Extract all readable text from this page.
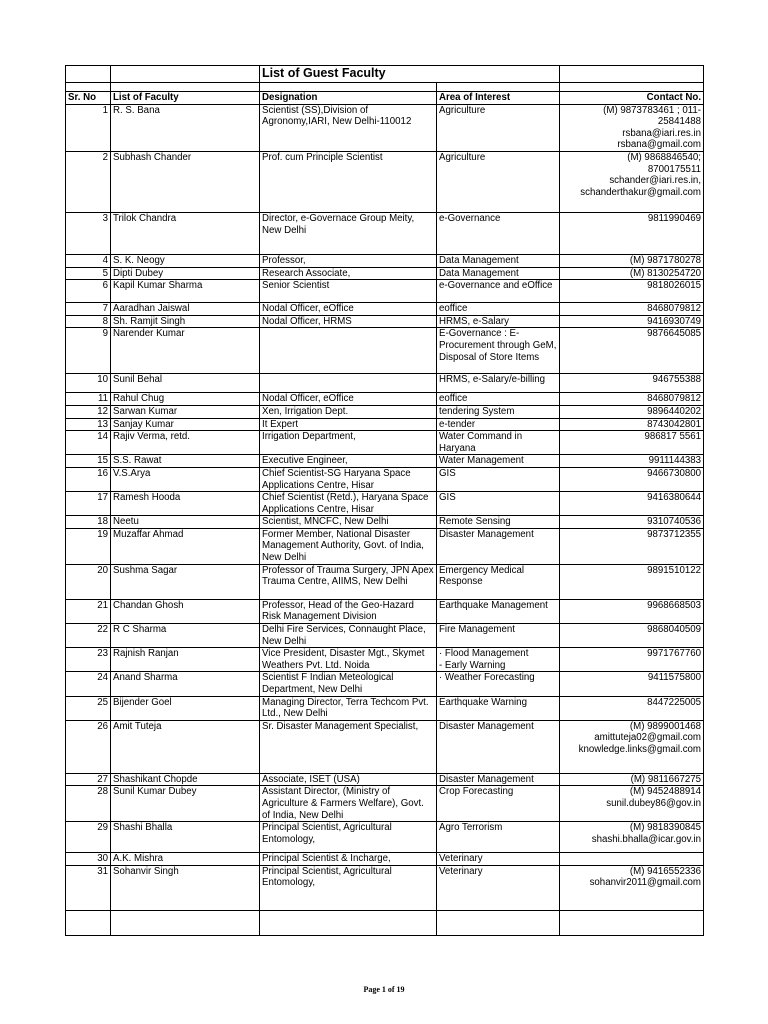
		List of Guest Faculty		

Sr. No	List of Faculty	Designation	Area of Interest	Contact No.
1	R. S. Bana	Scientist (SS),Division of Agronomy,IARI, New Delhi-110012	Agriculture	(M) 9873783461 ; 011-25841488
rsbana@iari.res.in
rsbana@gmail.com

2	Subhash Chander	Prof. cum Principle Scientist	Agriculture	(M) 9868846540;
8700175511
schander@iari.res.in,
schanderthakur@gmail.com

3	Trilok Chandra	Director, e-Governace Group Meity, New Delhi	e-Governance	9811990469

4	S. K. Neogy	Professor,	Data Management	(M) 9871780278

5	Dipti Dubey	Research Associate,	Data Management	(M) 8130254720

6	Kapil Kumar Sharma	Senior Scientist	e-Governance and eOffice	9818026015

7	Aaradhan Jaiswal	Nodal Officer, eOffice	eoffice	8468079812

8	Sh. Ramjit Singh	Nodal Officer, HRMS	HRMS, e-Salary	9416930749

9	Narender Kumar		E-Governance : E-Procurement through GeM, Disposal of Store Items	9876645085

10	Sunil Behal		HRMS, e-Salary/e-billing	946755388

11	Rahul Chug	Nodal Officer, eOffice	eoffice	8468079812

12	Sarwan Kumar	Xen, Irrigation Dept.	tendering System	9896440202

13	Sanjay Kumar	It Expert	e-tender	8743042801

14	Rajiv Verma, retd.	Irrigation Department,	Water Command in Haryana	986817 5561

15	S.S. Rawat	Executive Engineer,	Water Management	9911144383

16	V.S.Arya	Chief Scientist-SG Haryana Space Applications Centre, Hisar	GIS	9466730800

17	Ramesh Hooda	Chief Scientist (Retd.), Haryana Space Applications Centre, Hisar	GIS	9416380644

18	Neetu	Scientist, MNCFC, New Delhi	Remote Sensing	9310740536

19	Muzaffar Ahmad	Former Member, National Disaster Management Authority, Govt. of India, New Delhi	Disaster Management	9873712355

20	Sushma Sagar	Professor of Trauma Surgery, JPN Apex Trauma Centre, AIIMS, New Delhi	Emergency Medical Response	9891510122

21	Chandan Ghosh	Professor, Head of the Geo-Hazard Risk Management Division	Earthquake Management	9968668503

22	R C Sharma	Delhi Fire Services, Connaught Place, New Delhi	Fire Management	9868040509

23	Rajnish Ranjan	Vice President, Disaster Mgt., Skymet Weathers Pvt. Ltd. Noida	· Flood Management
- Early Warning	9971767760

24	Anand Sharma	Scientist F Indian Meteological Department, New Delhi	· Weather Forecasting	9411575800

25	Bijender Goel	Managing Director, Terra Techcom Pvt. Ltd., New Delhi	Earthquake Warning	8447225005

26	Amit Tuteja	Sr. Disaster Management Specialist,	Disaster Management	(M) 9899001468
amittuteja02@gmail.com
knowledge.links@gmail.com

27	Shashikant Chopde	Associate, ISET (USA)	Disaster Management	(M) 9811667275

28	Sunil Kumar Dubey	Assistant Director, (Ministry of Agriculture & Farmers Welfare), Govt. of India, New Delhi	Crop Forecasting	(M) 9452488914
sunil.dubey86@gov.in

29	Shashi Bhalla	Principal Scientist, Agricultural Entomology,	Agro Terrorism	(M) 9818390845
shashi.bhalla@icar.gov.in

30	A.K. Mishra	Principal Scientist & Incharge,	Veterinary	

31	Sohanvir Singh	Principal Scientist, Agricultural Entomology,	Veterinary	(M) 9416552336
sohanvir2011@gmail.com

Page 1 of 19
